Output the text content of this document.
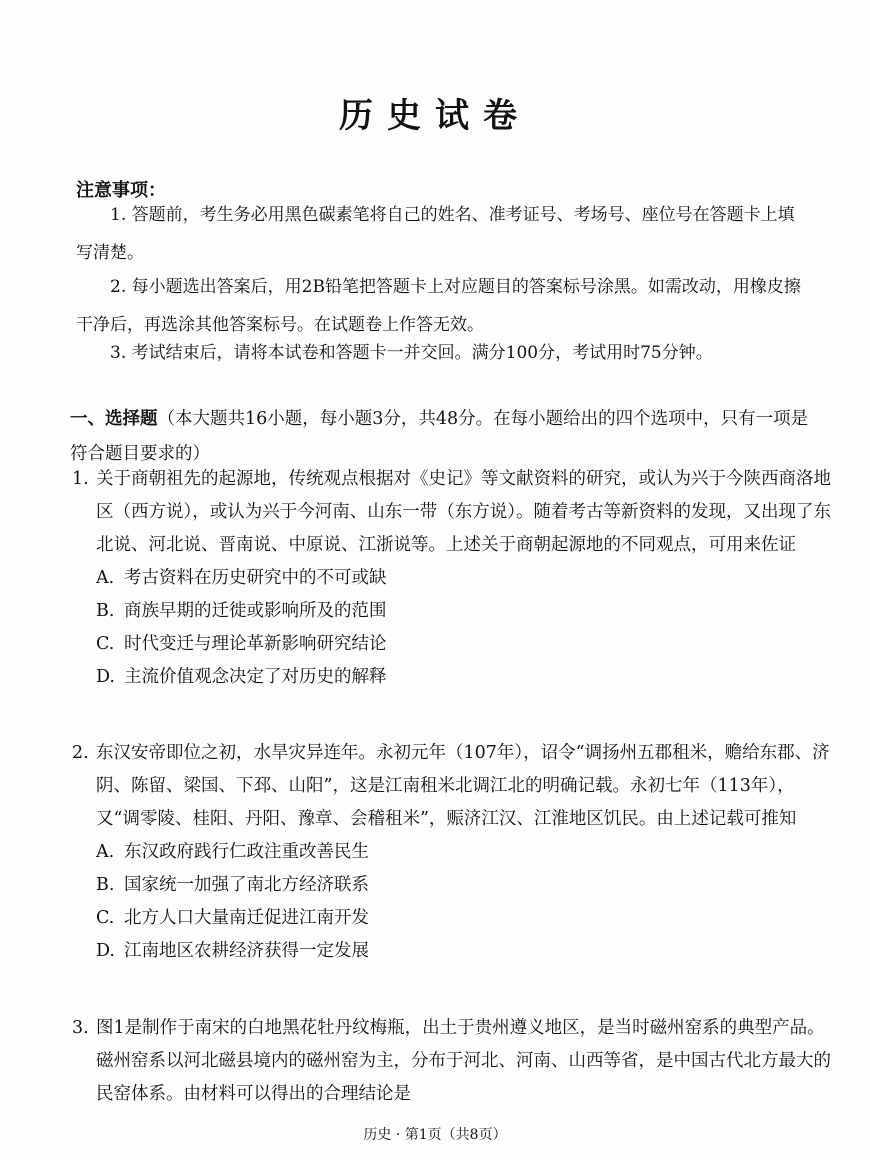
历史试卷
注意事项：
1. 答题前，考生务必用黑色碳素笔将自己的姓名、准考证号、考场号、座位号在答题卡上填写清楚。
2. 每小题选出答案后，用2B铅笔把答题卡上对应题目的答案标号涂黑。如需改动，用橡皮擦干净后，再选涂其他答案标号。在试题卷上作答无效。
3. 考试结束后，请将本试卷和答题卡一并交回。满分100分，考试用时75分钟。
一、选择题（本大题共16小题，每小题3分，共48分。在每小题给出的四个选项中，只有一项是符合题目要求的）
1. 关于商朝祖先的起源地，传统观点根据对《史记》等文献资料的研究，或认为兴于今陕西商洛地区（西方说），或认为兴于今河南、山东一带（东方说）。随着考古等新资料的发现，又出现了东北说、河北说、晋南说、中原说、江浙说等。上述关于商朝起源地的不同观点，可用来佐证
A. 考古资料在历史研究中的不可或缺
B. 商族早期的迁徙或影响所及的范围
C. 时代变迁与理论革新影响研究结论
D. 主流价值观念决定了对历史的解释
2. 东汉安帝即位之初，水旱灾异连年。永初元年（107年），诏令“调扬州五郡租米，赡给东郡、济阴、陈留、梁国、下邳、山阳”，这是江南租米北调江北的明确记载。永初七年（113年），又“调零陵、桂阳、丹阳、豫章、会稽租米”，赈济江汉、江淮地区饥民。由上述记载可推知
A. 东汉政府践行仁政注重改善民生
B. 国家统一加强了南北方经济联系
C. 北方人口大量南迁促进江南开发
D. 江南地区农耕经济获得一定发展
3. 图1是制作于南宋的白地黑花牡丹纹梅瓶，出土于贵州遵义地区，是当时磁州窑系的典型产品。磁州窑系以河北磁县境内的磁州窑为主，分布于河北、河南、山西等省，是中国古代北方最大的民窑体系。由材料可以得出的合理结论是
历史 · 第1页（共8页）
